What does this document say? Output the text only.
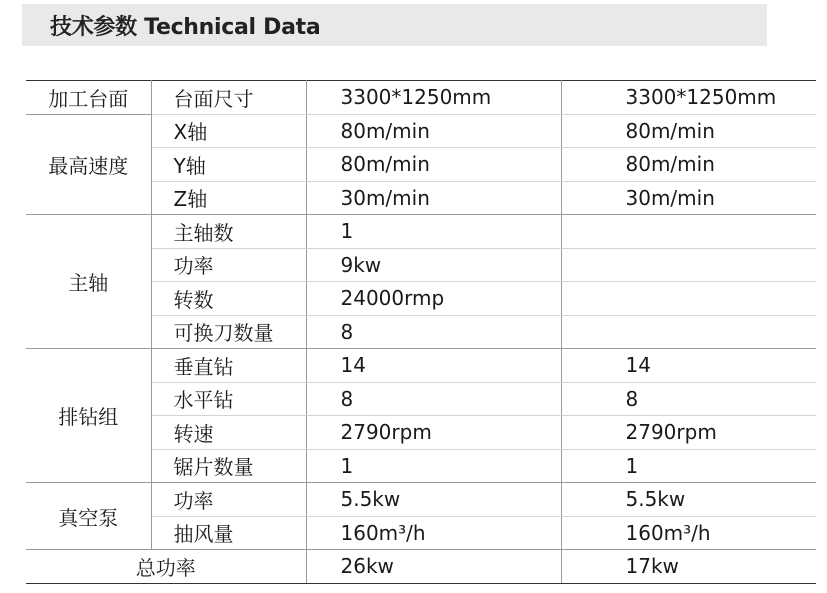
技术参数 Technical Data
加工台面	台面尺寸	3300*1250mm	3300*1250mm
最高速度	X轴	80m/min	80m/min
	Y轴	80m/min	80m/min
	Z轴	30m/min	30m/min
主轴	主轴数	1	
	功率	9kw	
	转数	24000rmp	
	可换刀数量	8	
排钻组	垂直钻	14	14
	水平钻	8	8
	转速	2790rpm	2790rpm
	锯片数量	1	1
真空泵	功率	5.5kw	5.5kw
	抽风量	160m³/h	160m³/h
总功率		26kw	17kw
